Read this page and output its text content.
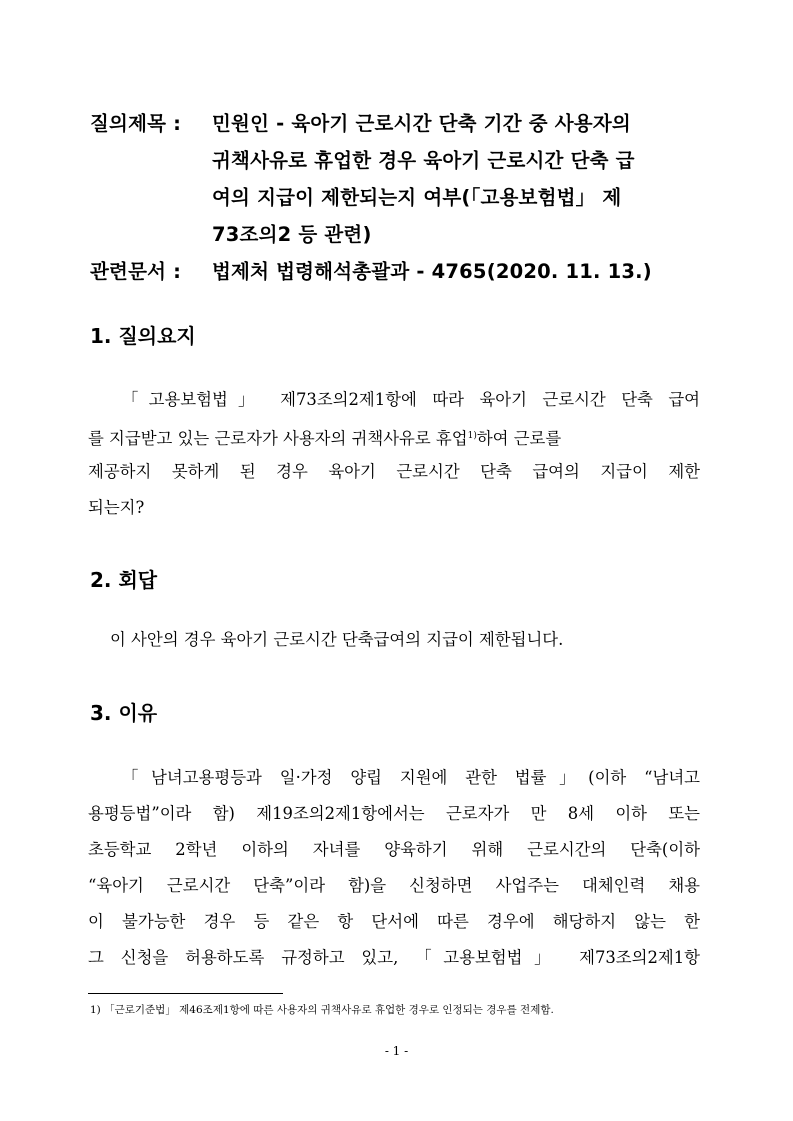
질의제목 : 민원인 - 육아기 근로시간 단축 기간 중 사용자의
귀책사유로 휴업한 경우 육아기 근로시간 단축 급
여의 지급이 제한되는지 여부(「고용보험법」 제
73조의2 등 관련)
관련문서 : 법제처 법령해석총괄과 - 4765(2020. 11. 13.)
1. 질의요지
「고용보험법」 제73조의2제1항에 따라 육아기 근로시간 단축 급여
를 지급받고 있는 근로자가 사용자의 귀책사유로 휴업$^{1)}$하여 근로를
제공하지 못하게 된 경우 육아기 근로시간 단축 급여의 지급이 제한
되는지?
2. 회답
이 사안의 경우 육아기 근로시간 단축급여의 지급이 제한됩니다.
3. 이유
「남녀고용평등과 일·가정 양립 지원에 관한 법률」(이하 “남녀고
용평등법”이라 함) 제19조의2제1항에서는 근로자가 만 8세 이하 또는
초등학교 2학년 이하의 자녀를 양육하기 위해 근로시간의 단축(이하
“육아기 근로시간 단축”이라 함)을 신청하면 사업주는 대체인력 채용
이 불가능한 경우 등 같은 항 단서에 따른 경우에 해당하지 않는 한
그 신청을 허용하도록 규정하고 있고, 「고용보험법」 제73조의2제1항
1) 「근로기준법」 제46조제1항에 따른 사용자의 귀책사유로 휴업한 경우로 인정되는 경우를 전제함.
- 1 -
